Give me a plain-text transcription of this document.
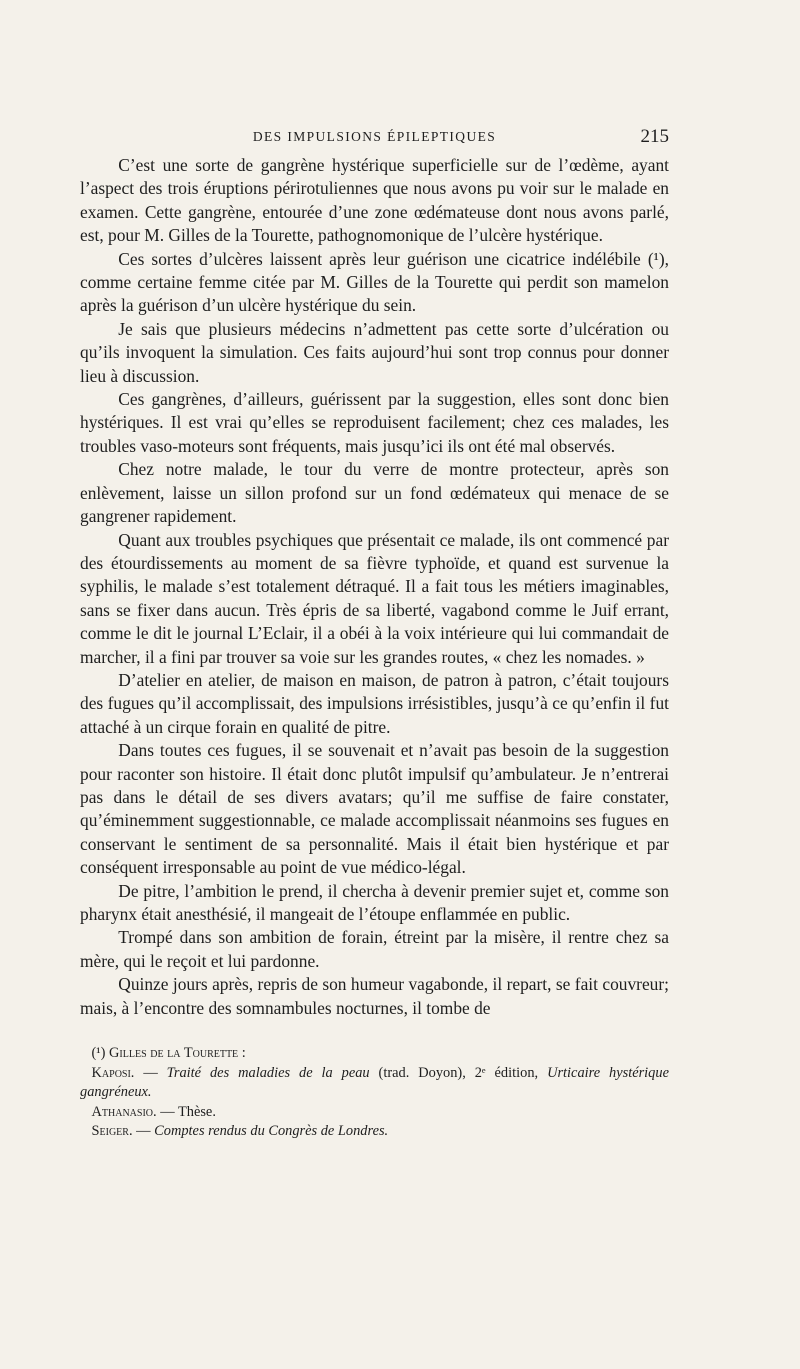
DES IMPULSIONS ÉPILEPTIQUES	215

C’est une sorte de gangrène hystérique superficielle sur de l’œdème, ayant l’aspect des trois éruptions périrotuliennes que nous avons pu voir sur le malade en examen. Cette gangrène, entourée d’une zone œdémateuse dont nous avons parlé, est, pour M. Gilles de la Tourette, pathognomonique de l’ulcère hystérique.

Ces sortes d’ulcères laissent après leur guérison une cicatrice indélébile (¹), comme certaine femme citée par M. Gilles de la Tourette qui perdit son mamelon après la guérison d’un ulcère hystérique du sein.

Je sais que plusieurs médecins n’admettent pas cette sorte d’ulcération ou qu’ils invoquent la simulation. Ces faits aujourd’hui sont trop connus pour donner lieu à discussion.

Ces gangrènes, d’ailleurs, guérissent par la suggestion, elles sont donc bien hystériques. Il est vrai qu’elles se reproduisent facilement; chez ces malades, les troubles vaso-moteurs sont fréquents, mais jusqu’ici ils ont été mal observés.

Chez notre malade, le tour du verre de montre protecteur, après son enlèvement, laisse un sillon profond sur un fond œdémateux qui menace de se gangrener rapidement.

Quant aux troubles psychiques que présentait ce malade, ils ont commencé par des étourdissements au moment de sa fièvre typhoïde, et quand est survenue la syphilis, le malade s’est totalement détraqué. Il a fait tous les métiers imaginables, sans se fixer dans aucun. Très épris de sa liberté, vagabond comme le Juif errant, comme le dit le journal L’Eclair, il a obéi à la voix intérieure qui lui commandait de marcher, il a fini par trouver sa voie sur les grandes routes, « chez les nomades. »

D’atelier en atelier, de maison en maison, de patron à patron, c’était toujours des fugues qu’il accomplissait, des impulsions irrésistibles, jusqu’à ce qu’enfin il fut attaché à un cirque forain en qualité de pitre.

Dans toutes ces fugues, il se souvenait et n’avait pas besoin de la suggestion pour raconter son histoire. Il était donc plutôt impulsif qu’ambulateur. Je n’entrerai pas dans le détail de ses divers avatars; qu’il me suffise de faire constater, qu’éminemment suggestionnable, ce malade accomplissait néanmoins ses fugues en conservant le sentiment de sa personnalité. Mais il était bien hystérique et par conséquent irresponsable au point de vue médico-légal.

De pitre, l’ambition le prend, il chercha à devenir premier sujet et, comme son pharynx était anesthésié, il mangeait de l’étoupe enflammée en public.

Trompé dans son ambition de forain, étreint par la misère, il rentre chez sa mère, qui le reçoit et lui pardonne.

Quinze jours après, repris de son humeur vagabonde, il repart, se fait couvreur; mais, à l’encontre des somnambules nocturnes, il tombe de

(¹) Gilles de la Tourette :

Kaposi. — Traité des maladies de la peau (trad. Doyon), 2ᵉ édition, Urticaire hystérique gangréneux.

Athanasio. — Thèse.

Seiger. — Comptes rendus du Congrès de Londres.
